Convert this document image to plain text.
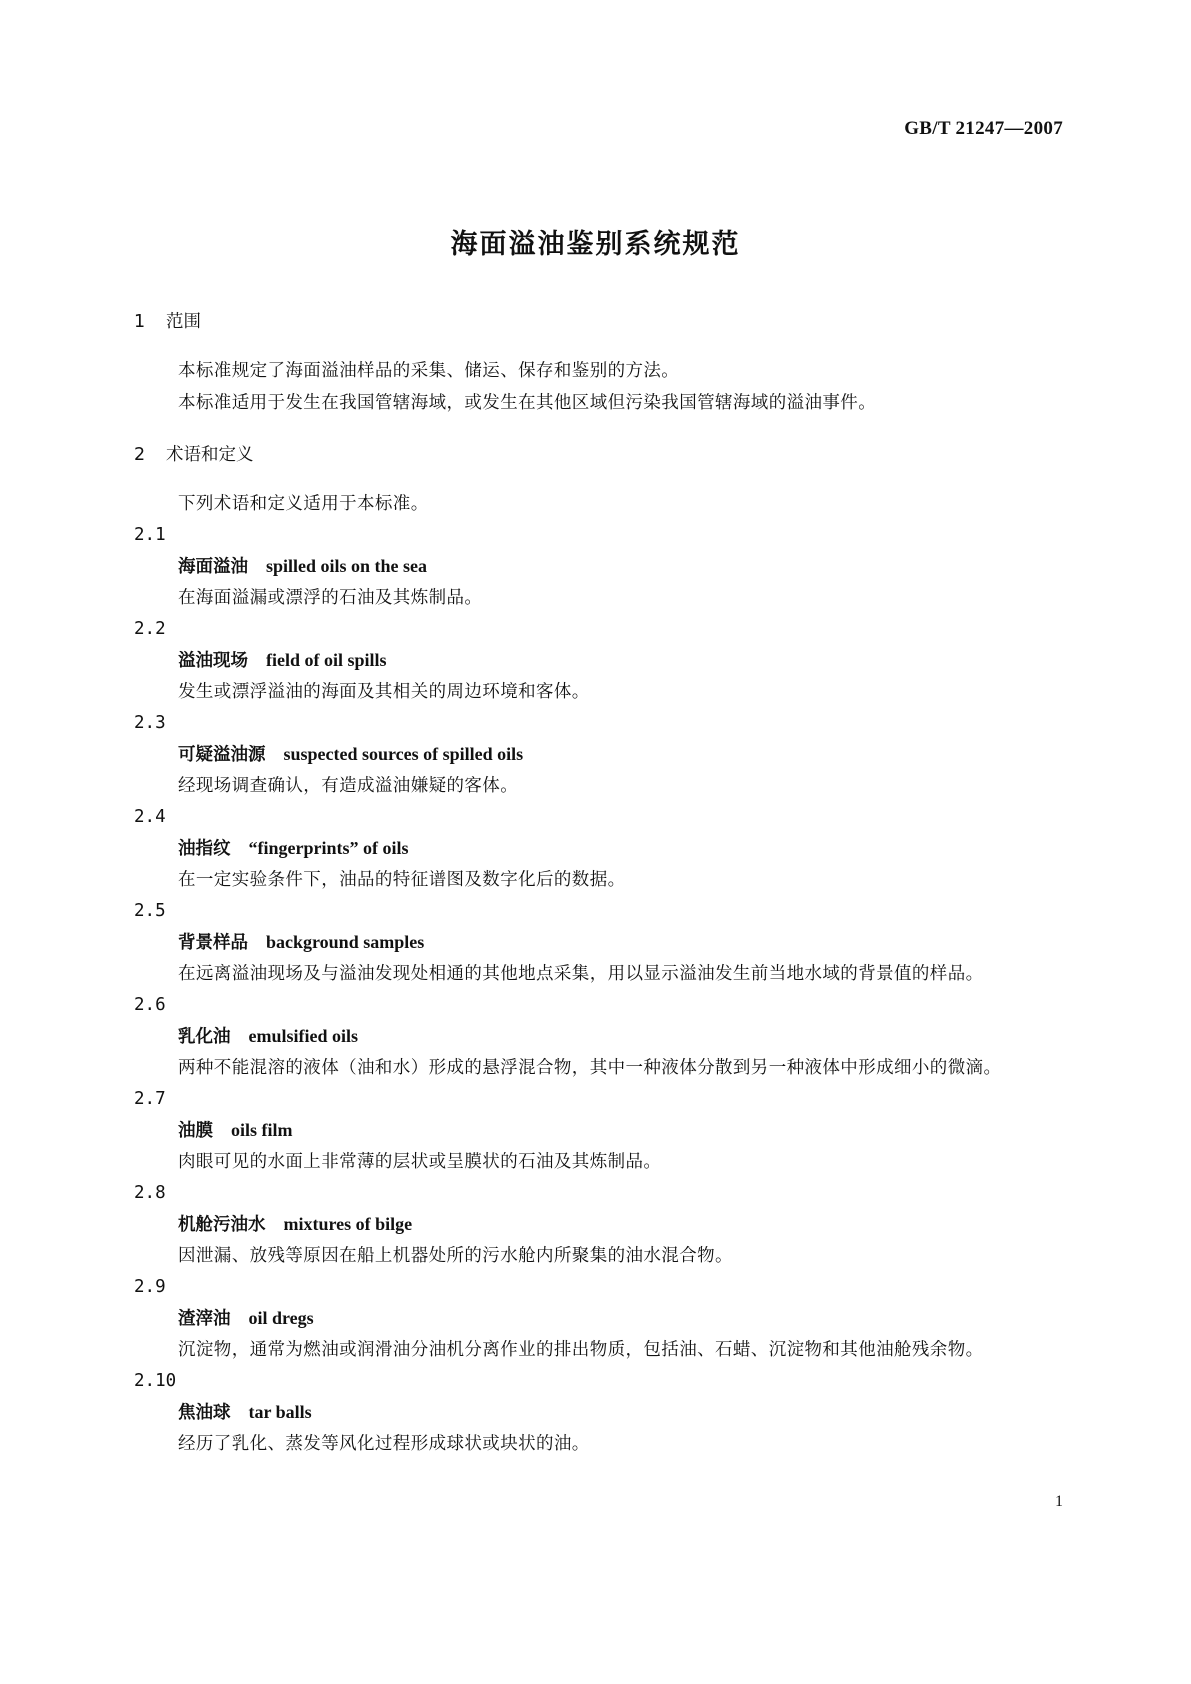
GB/T 21247—2007
海面溢油鉴别系统规范
1 范围

本标准规定了海面溢油样品的采集、储运、保存和鉴别的方法。

本标准适用于发生在我国管辖海域，或发生在其他区域但污染我国管辖海域的溢油事件。

2 术语和定义

下列术语和定义适用于本标准。

2.1
海面溢油 spilled oils on the sea

在海面溢漏或漂浮的石油及其炼制品。

2.2
溢油现场 field of oil spills

发生或漂浮溢油的海面及其相关的周边环境和客体。

2.3
可疑溢油源 suspected sources of spilled oils

经现场调查确认，有造成溢油嫌疑的客体。

2.4
油指纹 “fingerprints” of oils

在一定实验条件下，油品的特征谱图及数字化后的数据。

2.5
背景样品 background samples

在远离溢油现场及与溢油发现处相通的其他地点采集，用以显示溢油发生前当地水域的背景值的样品。

2.6
乳化油 emulsified oils

两种不能混溶的液体（油和水）形成的悬浮混合物，其中一种液体分散到另一种液体中形成细小的微滴。

2.7
油膜 oils film

肉眼可见的水面上非常薄的层状或呈膜状的石油及其炼制品。

2.8
机舱污油水 mixtures of bilge

因泄漏、放残等原因在船上机器处所的污水舱内所聚集的油水混合物。

2.9
渣滓油 oil dregs

沉淀物，通常为燃油或润滑油分油机分离作业的排出物质，包括油、石蜡、沉淀物和其他油舱残余物。

2.10
焦油球 tar balls

经历了乳化、蒸发等风化过程形成球状或块状的油。

1
